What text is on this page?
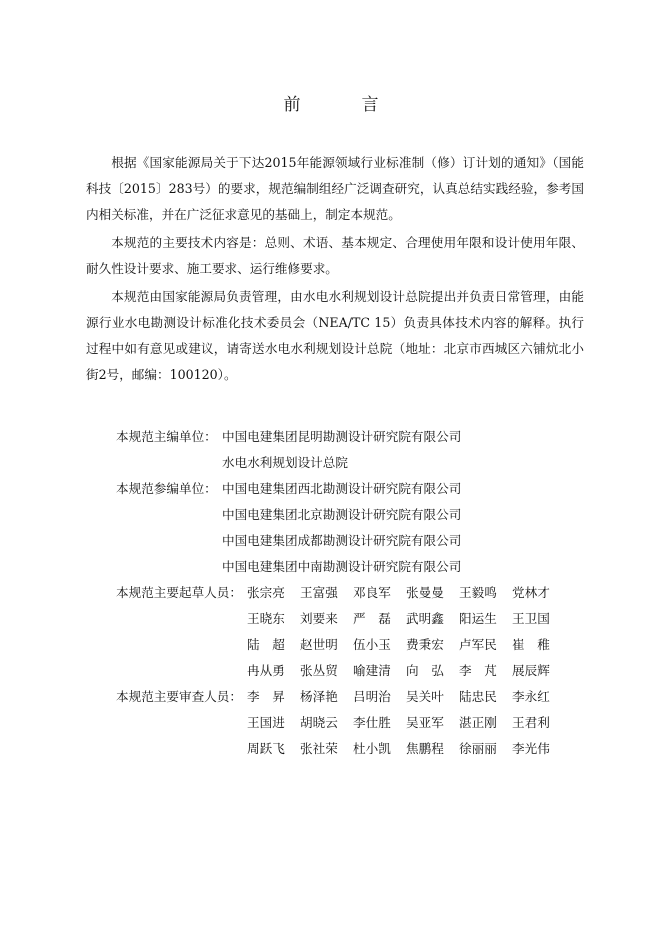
前　言
根据《国家能源局关于下达2015年能源领域行业标准制（修）订计划的通知》（国能科技〔2015〕283号）的要求，规范编制组经广泛调查研究，认真总结实践经验，参考国内相关标准，并在广泛征求意见的基础上，制定本规范。
本规范的主要技术内容是：总则、术语、基本规定、合理使用年限和设计使用年限、耐久性设计要求、施工要求、运行维修要求。
本规范由国家能源局负责管理，由水电水利规划设计总院提出并负责日常管理，由能源行业水电勘测设计标准化技术委员会（NEA/TC 15）负责具体技术内容的解释。执行过程中如有意见或建议，请寄送水电水利规划设计总院（地址：北京市西城区六铺炕北小街2号，邮编：100120）。
本规范主编单位： 中国电建集团昆明勘测设计研究院有限公司
水电水利规划设计总院
本规范参编单位： 中国电建集团西北勘测设计研究院有限公司
中国电建集团北京勘测设计研究院有限公司
中国电建集团成都勘测设计研究院有限公司
中国电建集团中南勘测设计研究院有限公司
本规范主要起草人员： 张宗亮	王富强	邓良军	张曼曼	王毅鸣	党林才
王晓东	刘要来	严　磊	武明鑫	阳运生	王卫国
陆　超	赵世明	伍小玉	费秉宏	卢军民	崔　稚
冉从勇	张丛贸	喻建清	向　弘	李　芃	展辰辉
本规范主要审查人员： 李　昇	杨泽艳	吕明治	吴关叶	陆忠民	李永红
王国进	胡晓云	李仕胜	吴亚军	湛正刚	王君利
周跃飞	张社荣	杜小凯	焦鹏程	徐丽丽	李光伟
